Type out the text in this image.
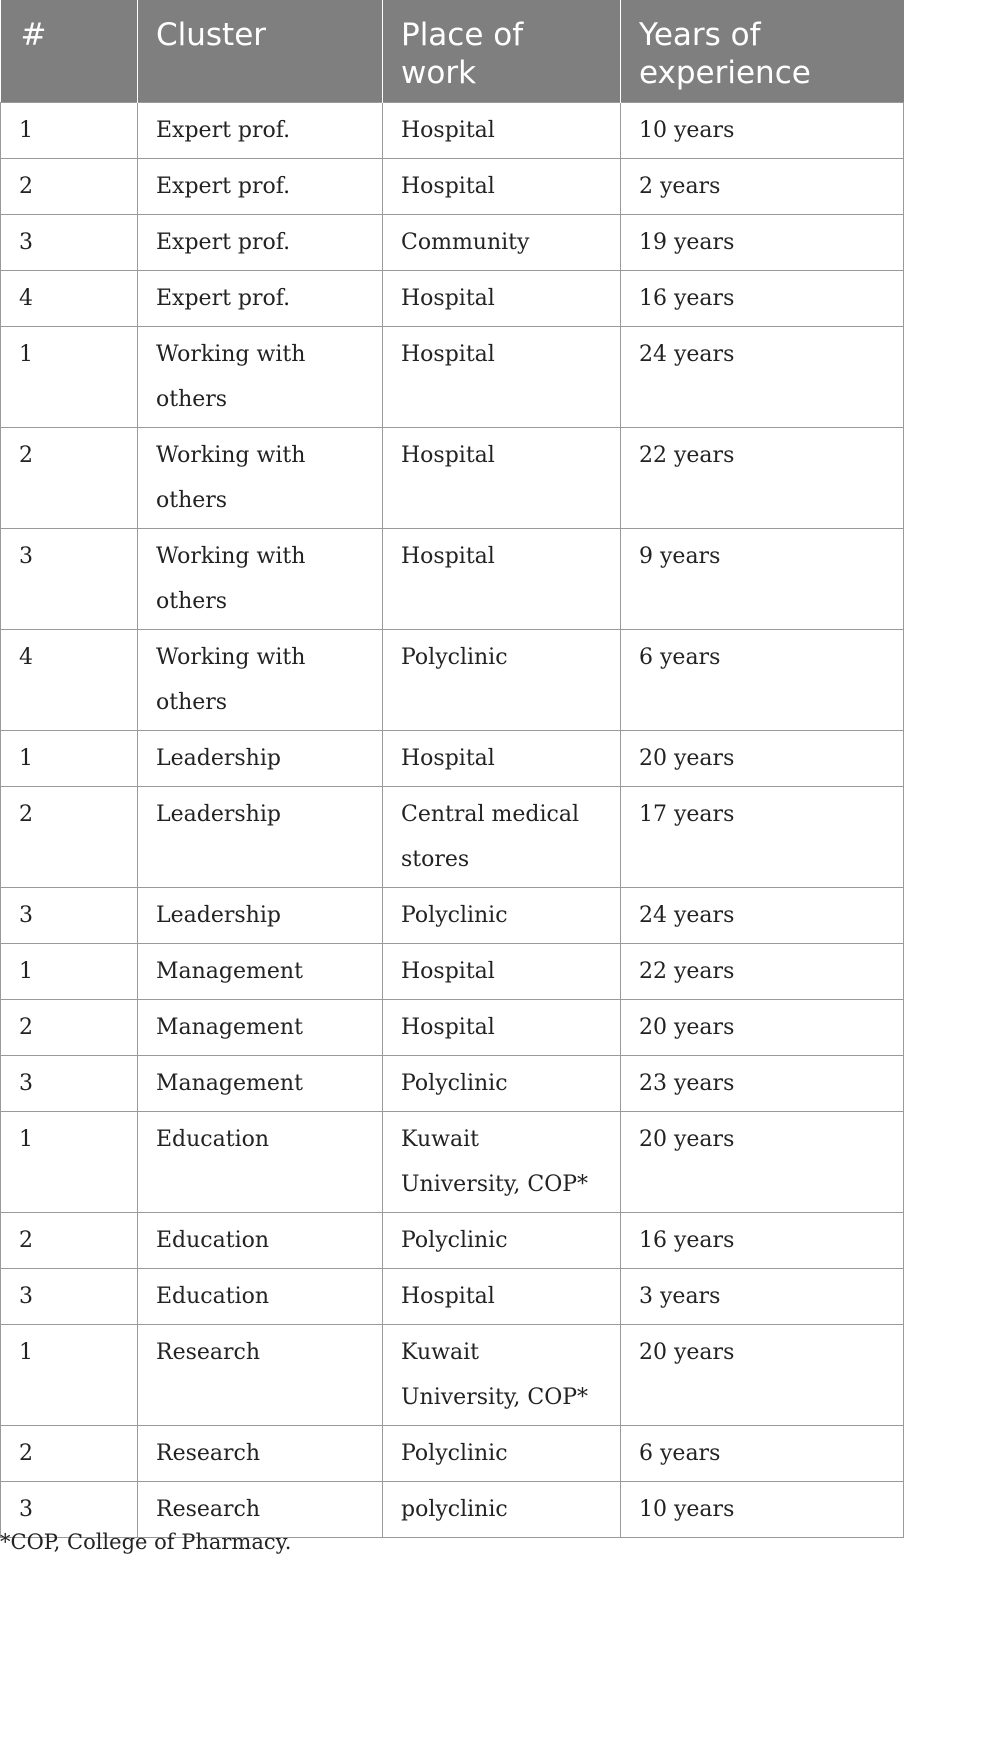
#	Cluster	Place of work	Years of experience
1	Expert prof.	Hospital	10 years
2	Expert prof.	Hospital	2 years
3	Expert prof.	Community	19 years
4	Expert prof.	Hospital	16 years
1	Working with others	Hospital	24 years
2	Working with others	Hospital	22 years
3	Working with others	Hospital	9 years
4	Working with others	Polyclinic	6 years
1	Leadership	Hospital	20 years
2	Leadership	Central medical stores	17 years
3	Leadership	Polyclinic	24 years
1	Management	Hospital	22 years
2	Management	Hospital	20 years
3	Management	Polyclinic	23 years
1	Education	Kuwait University, COP*	20 years
2	Education	Polyclinic	16 years
3	Education	Hospital	3 years
1	Research	Kuwait University, COP*	20 years
2	Research	Polyclinic	6 years
3	Research	polyclinic	10 years
*COP, College of Pharmacy.
